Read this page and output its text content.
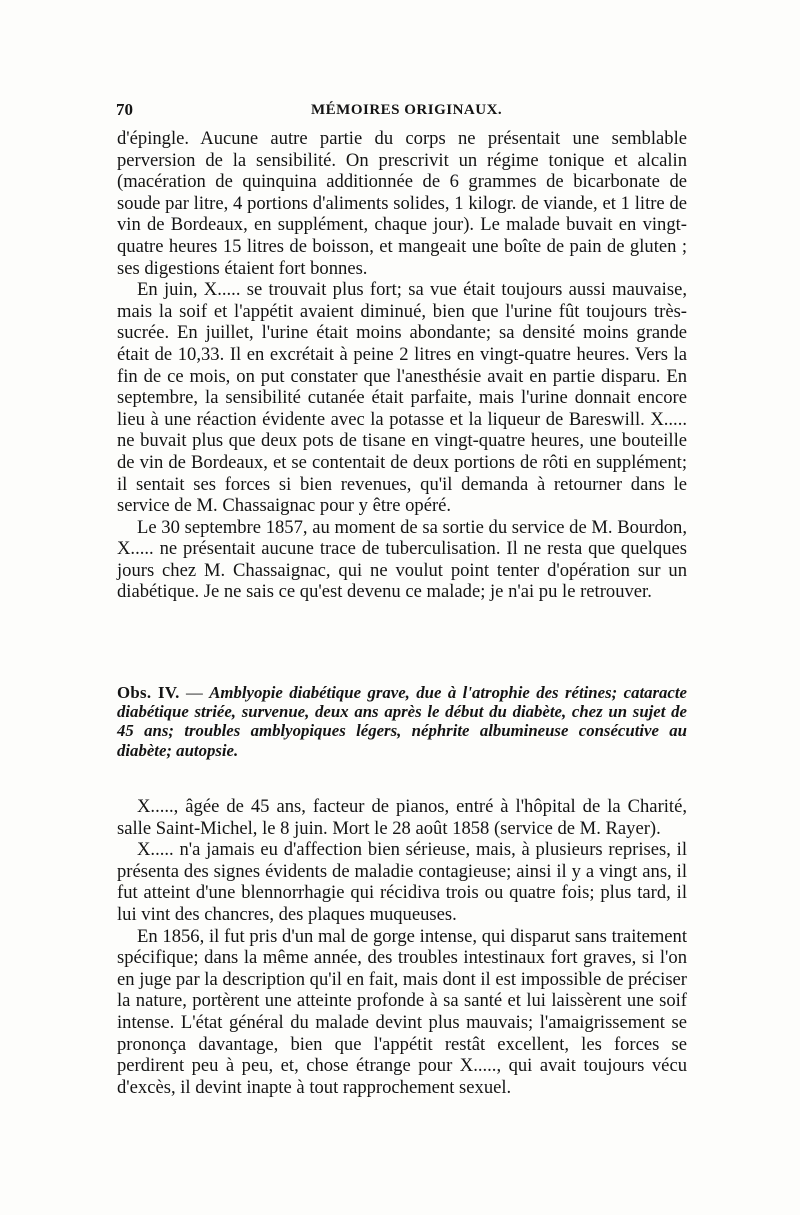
70	MÉMOIRES ORIGINAUX.

d'épingle. Aucune autre partie du corps ne présentait une semblable perversion de la sensibilité. On prescrivit un régime tonique et alcalin (macération de quinquina additionnée de 6 grammes de bicarbonate de soude par litre, 4 portions d'aliments solides, 1 kilogr. de viande, et 1 litre de vin de Bordeaux, en supplément, chaque jour). Le malade buvait en vingt-quatre heures 15 litres de boisson, et mangeait une boîte de pain de gluten ; ses digestions étaient fort bonnes.

En juin, X..... se trouvait plus fort; sa vue était toujours aussi mauvaise, mais la soif et l'appétit avaient diminué, bien que l'urine fût toujours très-sucrée. En juillet, l'urine était moins abondante; sa densité moins grande était de 10,33. Il en excrétait à peine 2 litres en vingt-quatre heures. Vers la fin de ce mois, on put constater que l'anesthésie avait en partie disparu. En septembre, la sensibilité cutanée était parfaite, mais l'urine donnait encore lieu à une réaction évidente avec la potasse et la liqueur de Bareswill. X..... ne buvait plus que deux pots de tisane en vingt-quatre heures, une bouteille de vin de Bordeaux, et se contentait de deux portions de rôti en supplément; il sentait ses forces si bien revenues, qu'il demanda à retourner dans le service de M. Chassaignac pour y être opéré.

Le 30 septembre 1857, au moment de sa sortie du service de M. Bourdon, X..... ne présentait aucune trace de tuberculisation. Il ne resta que quelques jours chez M. Chassaignac, qui ne voulut point tenter d'opération sur un diabétique. Je ne sais ce qu'est devenu ce malade; je n'ai pu le retrouver.

Obs. IV. — Amblyopie diabétique grave, due à l'atrophie des rétines; cataracte diabétique striée, survenue, deux ans après le début du diabète, chez un sujet de 45 ans; troubles amblyopiques légers, néphrite albumineuse consécutive au diabète; autopsie.

X....., âgée de 45 ans, facteur de pianos, entré à l'hôpital de la Charité, salle Saint-Michel, le 8 juin. Mort le 28 août 1858 (service de M. Rayer).

X..... n'a jamais eu d'affection bien sérieuse, mais, à plusieurs reprises, il présenta des signes évidents de maladie contagieuse; ainsi il y a vingt ans, il fut atteint d'une blennorrhagie qui récidiva trois ou quatre fois; plus tard, il lui vint des chancres, des plaques muqueuses.

En 1856, il fut pris d'un mal de gorge intense, qui disparut sans traitement spécifique; dans la même année, des troubles intestinaux fort graves, si l'on en juge par la description qu'il en fait, mais dont il est impossible de préciser la nature, portèrent une atteinte profonde à sa santé et lui laissèrent une soif intense. L'état général du malade devint plus mauvais; l'amaigrissement se prononça davantage, bien que l'appétit restât excellent, les forces se perdirent peu à peu, et, chose étrange pour X....., qui avait toujours vécu d'excès, il devint inapte à tout rapprochement sexuel.
